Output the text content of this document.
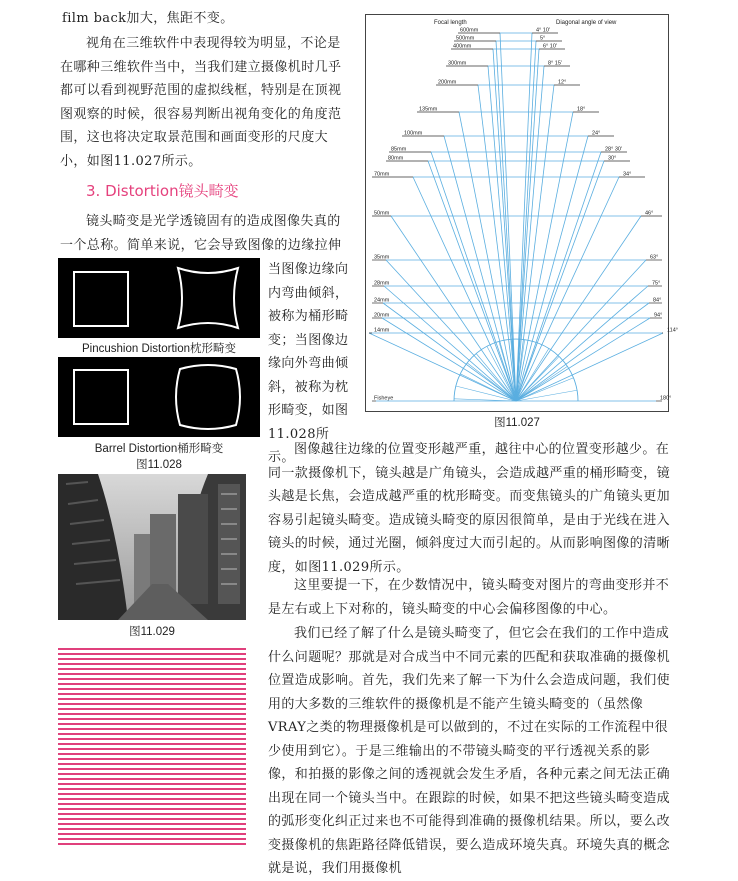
film back加大，焦距不变。

视角在三维软件中表现得较为明显，不论是在哪种三维软件当中，当我们建立摄像机时几乎都可以看到视野范围的虚拟线框，特别是在顶视图观察的时候，很容易判断出视角变化的角度范围，这也将决定取景范围和画面变形的尺度大小，如图11.027所示。

3. Distortion镜头畸变

镜头畸变是光学透镜固有的造成图像失真的一个总称。简单来说，它会导致图像的边缘拉伸

Pincushion Distortion枕形畸变
Barrel Distortion桶形畸变
图11.028

当图像边缘向内弯曲倾斜，被称为桶形畸变；当图像边缘向外弯曲倾斜，被称为枕形畸变，如图11.028所示。

图11.029
Focal length	Diagonal angle of view
600mm	4° 10'
500mm	5°
400mm	6° 10'
300mm	8° 15'
200mm	12°
135mm	18°
100mm	24°
85mm	28° 30'
80mm	30°
70mm	34°
50mm	46°
35mm	63°
28mm	75°
24mm	84°
20mm	94°
14mm	114°
Fisheye	180°
图11.027

图像越往边缘的位置变形越严重，越往中心的位置变形越少。在同一款摄像机下，镜头越是广角镜头，会造成越严重的桶形畸变，镜头越是长焦，会造成越严重的枕形畸变。而变焦镜头的广角镜头更加容易引起镜头畸变。造成镜头畸变的原因很简单，是由于光线在进入镜头的时候，通过光圈，倾斜度过大而引起的。从而影响图像的清晰度，如图11.029所示。

这里要提一下，在少数情况中，镜头畸变对图片的弯曲变形并不是左右或上下对称的，镜头畸变的中心会偏移图像的中心。

我们已经了解了什么是镜头畸变了，但它会在我们的工作中造成什么问题呢？那就是对合成当中不同元素的匹配和获取准确的摄像机位置造成影响。首先，我们先来了解一下为什么会造成问题，我们使用的大多数的三维软件的摄像机是不能产生镜头畸变的（虽然像VRAY之类的物理摄像机是可以做到的，不过在实际的工作流程中很少使用到它）。于是三维输出的不带镜头畸变的平行透视关系的影像，和拍摄的影像之间的透视就会发生矛盾，各种元素之间无法正确出现在同一个镜头当中。在跟踪的时候，如果不把这些镜头畸变造成的弧形变化纠正过来也不可能得到准确的摄像机结果。所以，要么改变摄像机的焦距路径降低错误，要么造成环境失真。环境失真的概念就是说，我们用摄像机
